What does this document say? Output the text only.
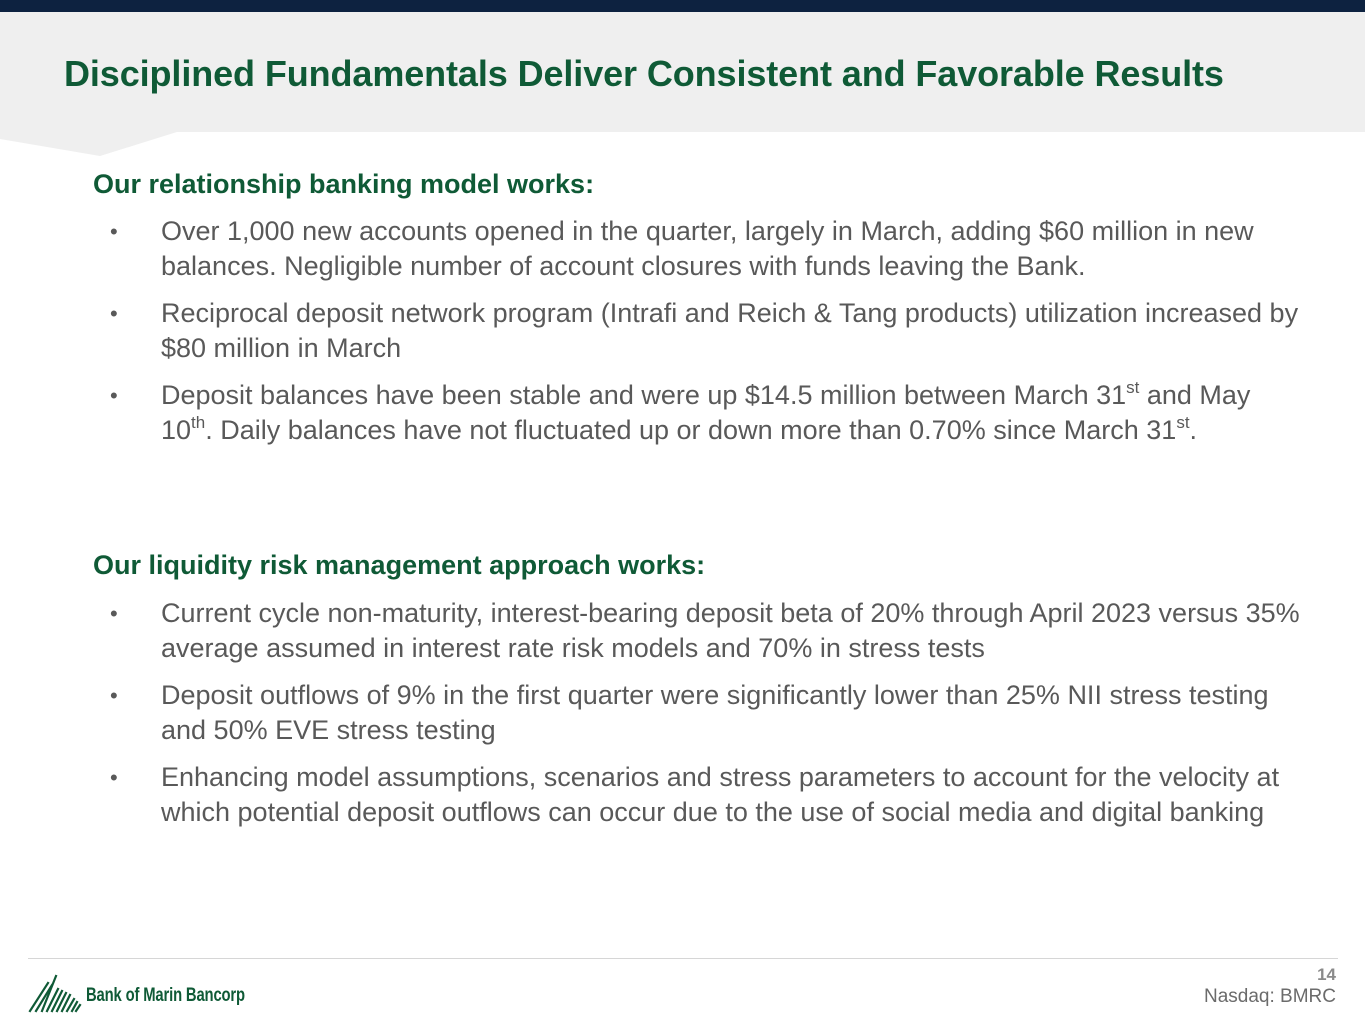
Disciplined Fundamentals Deliver Consistent and Favorable Results
Our relationship banking model works:
• Over 1,000 new accounts opened in the quarter, largely in March, adding $60 million in new balances. Negligible number of account closures with funds leaving the Bank.
• Reciprocal deposit network program (Intrafi and Reich & Tang products) utilization increased by $80 million in March
• Deposit balances have been stable and were up $14.5 million between March 31st and May 10th. Daily balances have not fluctuated up or down more than 0.70% since March 31st.
Our liquidity risk management approach works:
• Current cycle non-maturity, interest-bearing deposit beta of 20% through April 2023 versus 35% average assumed in interest rate risk models and 70% in stress tests
• Deposit outflows of 9% in the first quarter were significantly lower than 25% NII stress testing and 50% EVE stress testing
• Enhancing model assumptions, scenarios and stress parameters to account for the velocity at which potential deposit outflows can occur due to the use of social media and digital banking
Bank of Marin Bancorp
14
Nasdaq: BMRC
